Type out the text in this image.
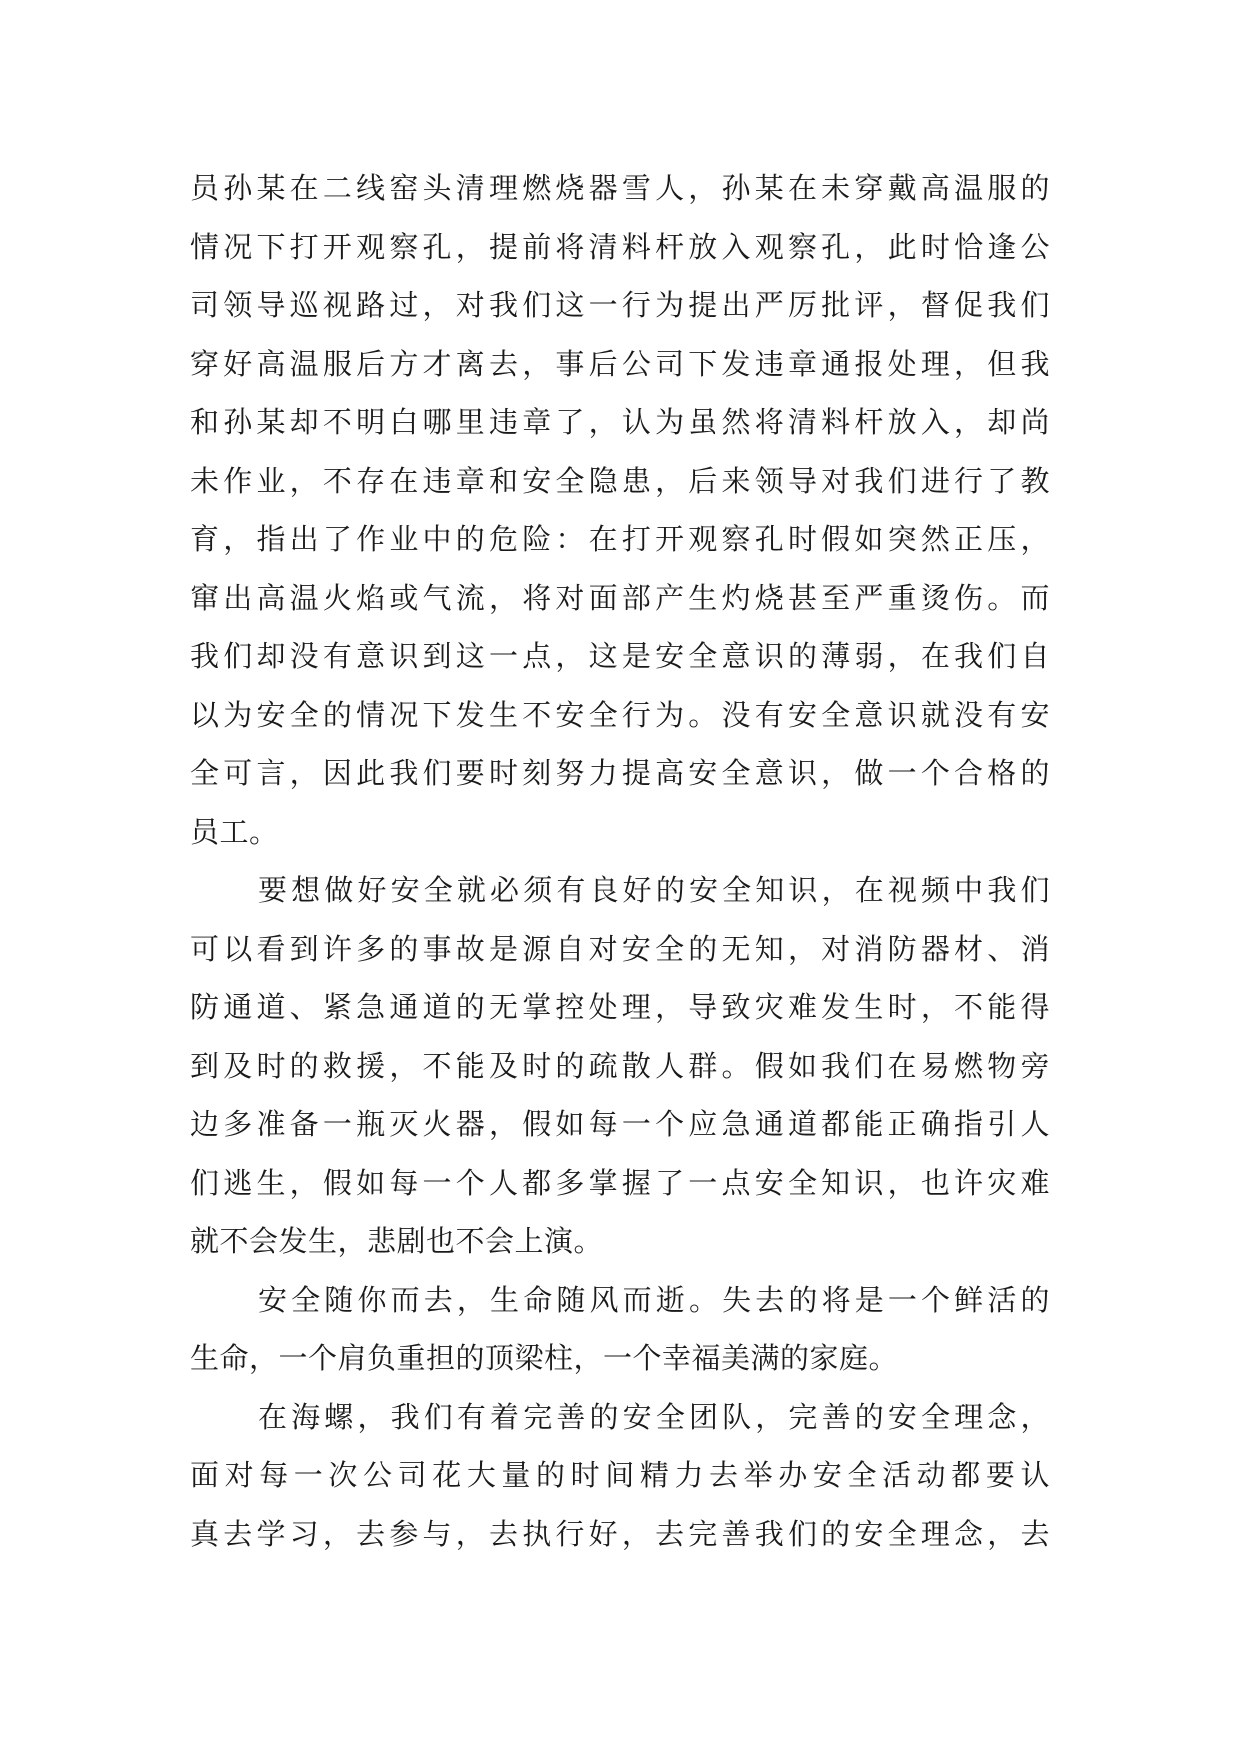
员孙某在二线窑头清理燃烧器雪人，孙某在未穿戴高温服的
情况下打开观察孔，提前将清料杆放入观察孔，此时恰逢公
司领导巡视路过，对我们这一行为提出严厉批评，督促我们
穿好高温服后方才离去，事后公司下发违章通报处理，但我
和孙某却不明白哪里违章了，认为虽然将清料杆放入，却尚
未作业，不存在违章和安全隐患，后来领导对我们进行了教
育，指出了作业中的危险：在打开观察孔时假如突然正压，
窜出高温火焰或气流，将对面部产生灼烧甚至严重烫伤。而
我们却没有意识到这一点，这是安全意识的薄弱，在我们自
以为安全的情况下发生不安全行为。没有安全意识就没有安
全可言，因此我们要时刻努力提高安全意识，做一个合格的
员工。
要想做好安全就必须有良好的安全知识，在视频中我们
可以看到许多的事故是源自对安全的无知，对消防器材、消
防通道、紧急通道的无掌控处理，导致灾难发生时，不能得
到及时的救援，不能及时的疏散人群。假如我们在易燃物旁
边多准备一瓶灭火器，假如每一个应急通道都能正确指引人
们逃生，假如每一个人都多掌握了一点安全知识，也许灾难
就不会发生，悲剧也不会上演。
安全随你而去，生命随风而逝。失去的将是一个鲜活的
生命，一个肩负重担的顶梁柱，一个幸福美满的家庭。
在海螺，我们有着完善的安全团队，完善的安全理念，
面对每一次公司花大量的时间精力去举办安全活动都要认
真去学习，去参与，去执行好，去完善我们的安全理念，去
